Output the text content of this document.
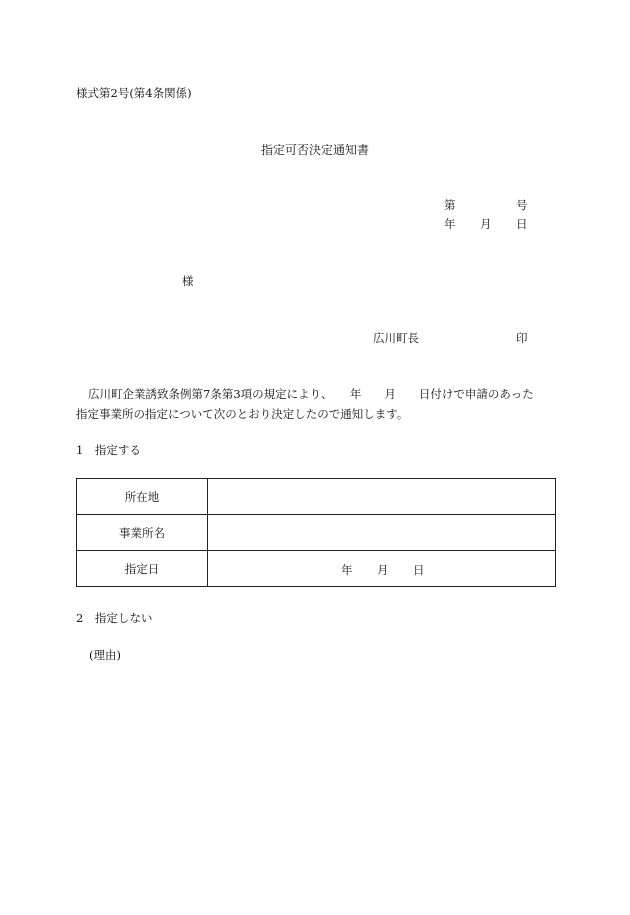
様式第2号(第4条関係)
指定可否決定通知書
第	号
年 月 日
様
広川町長	印
広川町企業誘致条例第7条第3項の規定により、　　年　　月　　日付けで申請のあった
指定事業所の指定について次のとおり決定したので通知します。
1　指定する
所在地	
事業所名	
指定日	年 月 日
2　指定しない
(理由)
